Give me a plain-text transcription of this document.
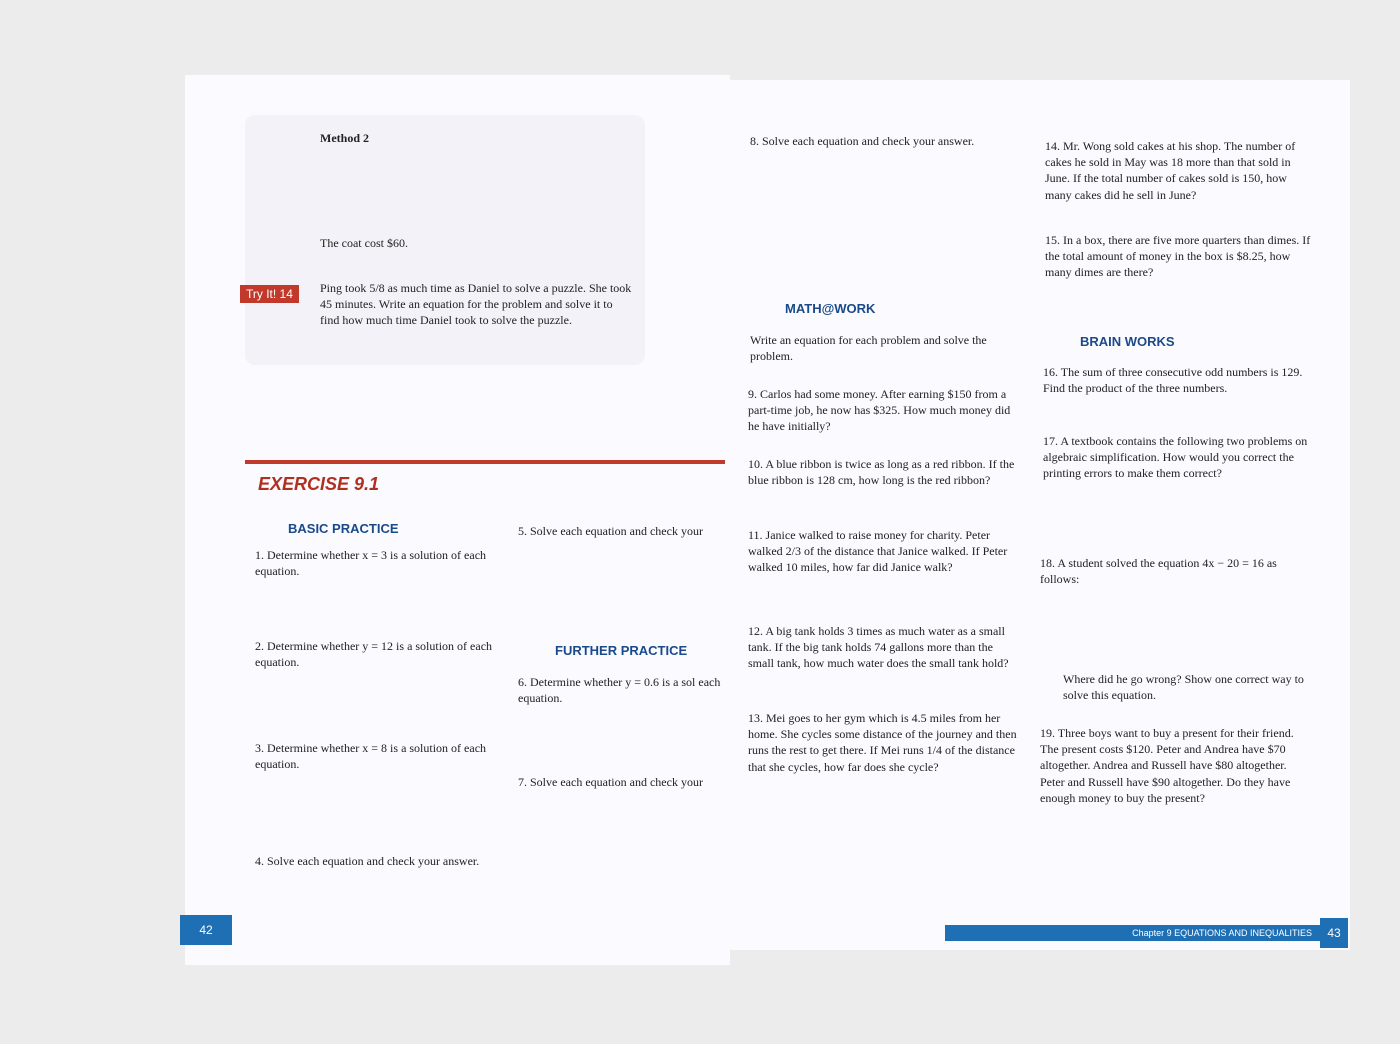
Method 2
The coat cost $60.
Try It! 14	Ping took 5/8 as much time as Daniel to solve a puzzle. She took 45 minutes. Write an equation for the problem and solve it to find how much time Daniel took to solve the puzzle.
EXERCISE 9.1
BASIC PRACTICE
1. Determine whether x = 3 is a solution of each equation.
2. Determine whether y = 12 is a solution of each equation.
3. Determine whether x = 8 is a solution of each equation.
4. Solve each equation and check your answer.
5. Solve each equation and check your
FURTHER PRACTICE
6. Determine whether y = 0.6 is a sol each equation.
7. Solve each equation and check your
42
8. Solve each equation and check your answer.
MATH@WORK
Write an equation for each problem and solve the problem.
9. Carlos had some money. After earning $150 from a part-time job, he now has $325. How much money did he have initially?
10. A blue ribbon is twice as long as a red ribbon. If the blue ribbon is 128 cm, how long is the red ribbon?
11. Janice walked to raise money for charity. Peter walked 2/3 of the distance that Janice walked. If Peter walked 10 miles, how far did Janice walk?
12. A big tank holds 3 times as much water as a small tank. If the big tank holds 74 gallons more than the small tank, how much water does the small tank hold?
13. Mei goes to her gym which is 4.5 miles from her home. She cycles some distance of the journey and then runs the rest to get there. If Mei runs 1/4 of the distance that she cycles, how far does she cycle?
14. Mr. Wong sold cakes at his shop. The number of cakes he sold in May was 18 more than that sold in June. If the total number of cakes sold is 150, how many cakes did he sell in June?
15. In a box, there are five more quarters than dimes. If the total amount of money in the box is $8.25, how many dimes are there?
BRAIN WORKS
16. The sum of three consecutive odd numbers is 129. Find the product of the three numbers.
17. A textbook contains the following two problems on algebraic simplification. How would you correct the printing errors to make them correct?
18. A student solved the equation 4x − 20 = 16 as follows:
Where did he go wrong? Show one correct way to solve this equation.
19. Three boys want to buy a present for their friend. The present costs $120. Peter and Andrea have $70 altogether. Andrea and Russell have $80 altogether. Peter and Russell have $90 altogether. Do they have enough money to buy the present?
Chapter 9 EQUATIONS AND INEQUALITIES	43
